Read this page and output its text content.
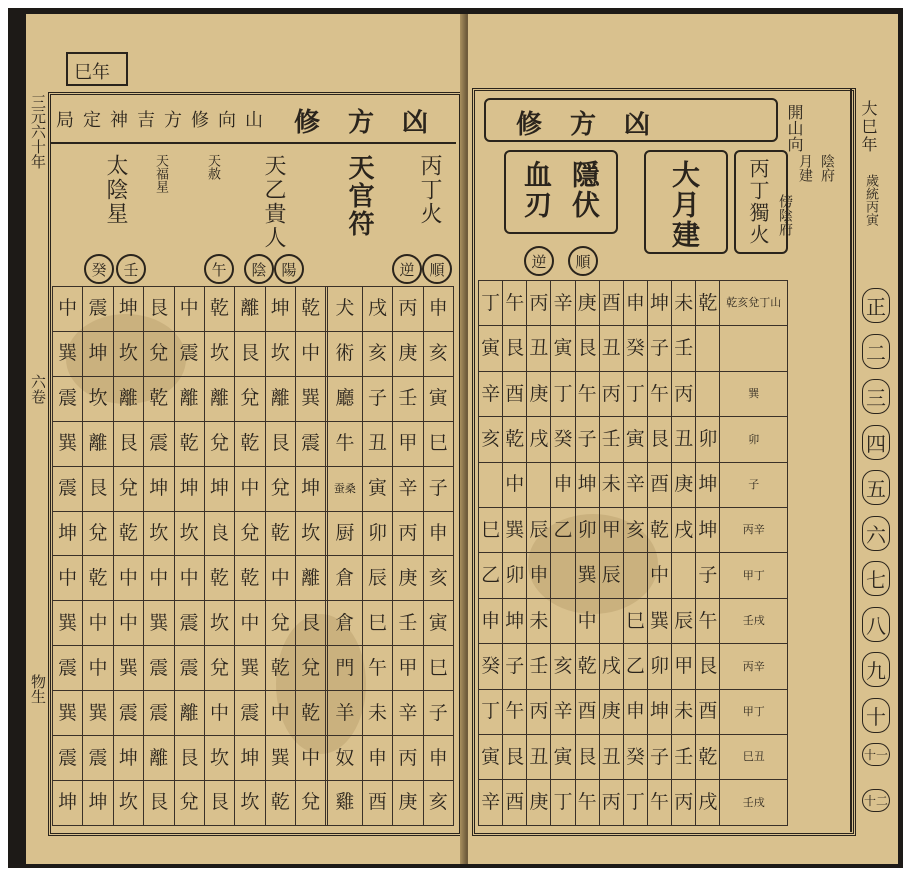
巳年
三元六十年
六卷
物生
修方凶
山向修方吉神定局
丙丁火
天官符
天乙貴人
天赦
天福星
太陰星
順
逆
陽
陰
午
壬
癸
中	震	坤	艮	中	乾	離	坤	乾		犬	戌	丙	申
巽	坤	坎	兌	震	坎	艮	坎	中		術	亥	庚	亥
震	坎	離	乾	離	離	兌	離	巽		廳	子	壬	寅
巽	離	艮	震	乾	兌	乾	艮	震		牛	丑	甲	巳
震	艮	兌	坤	坤	坤	中	兌	坤		蚕桑	寅	辛	子
坤	兌	乾	坎	坎	良	兌	乾	坎		厨	卯	丙	申
中	乾	中	中	中	乾	乾	中	離		倉	辰	庚	亥
巽	中	中	巽	震	坎	中	兌	艮		倉	巳	壬	寅
震	中	巽	震	震	兌	巽	乾	兌		門	午	甲	巳
巽	巽	震	震	離	中	震	中	乾		羊	未	辛	子
震	震	坤	離	艮	坎	坤	巽	中		奴	申	丙	申
坤	坤	坎	艮	兌	艮	坎	乾	兌		雞	酉	庚	亥
修方凶	開山向
隱伏
血刃	大月建 丙丁獨火
順
逆
月建 陰府
傍陰府
丁	午	丙	辛	庚	酉	申	坤	未	乾	乾亥兌丁山
寅	艮	丑	寅	艮	丑	癸	子	壬		
辛	酉	庚	丁	午	丙	丁	午	丙		巽
亥	乾	戌	癸	子	壬	寅	艮	丑	卯	卯
	中		申	坤	未	辛	酉	庚	坤	子
巳	巽	辰	乙	卯	甲	亥	乾	戌	坤	丙辛
乙	卯	申		巽	辰		中		子	甲丁
申	坤	未		中		巳	巽	辰	午	壬戌
癸	子	壬	亥	乾	戌	乙	卯	甲	艮	丙辛
丁	午	丙	辛	酉	庚	申	坤	未	酉	甲丁
寅	艮	丑	寅	艮	丑	癸	子	壬	乾	巳丑
辛	酉	庚	丁	午	丙	丁	午	丙	戌	壬戌
大巳年
歲統丙寅
正
二
三
四
五
六
七
八
九
十
十一
十二
